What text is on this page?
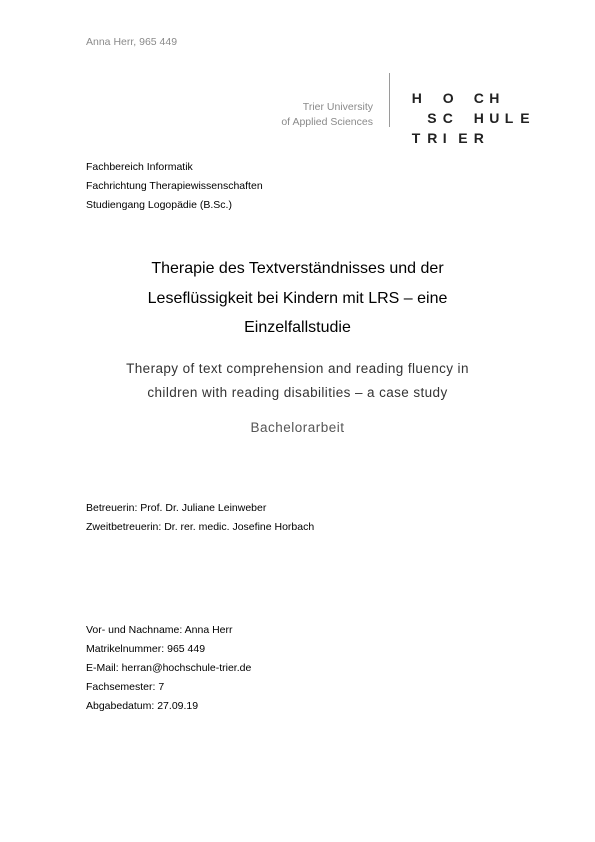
Anna Herr, 965 449
Trier University
of Applied Sciences

H O C H

S C H U L E

T R I E R

Fachbereich Informatik
Fachrichtung Therapiewissenschaften
Studiengang Logopädie (B.Sc.)
Therapie des Textverständnisses und der
Leseflüssigkeit bei Kindern mit LRS – eine
Einzelfallstudie
Therapy of text comprehension and reading fluency in
children with reading disabilities – a case study
Bachelorarbeit
Betreuerin: Prof. Dr. Juliane Leinweber
Zweitbetreuerin: Dr. rer. medic. Josefine Horbach
Vor- und Nachname: Anna Herr
Matrikelnummer: 965 449
E-Mail: herran@hochschule-trier.de
Fachsemester: 7
Abgabedatum: 27.09.19
